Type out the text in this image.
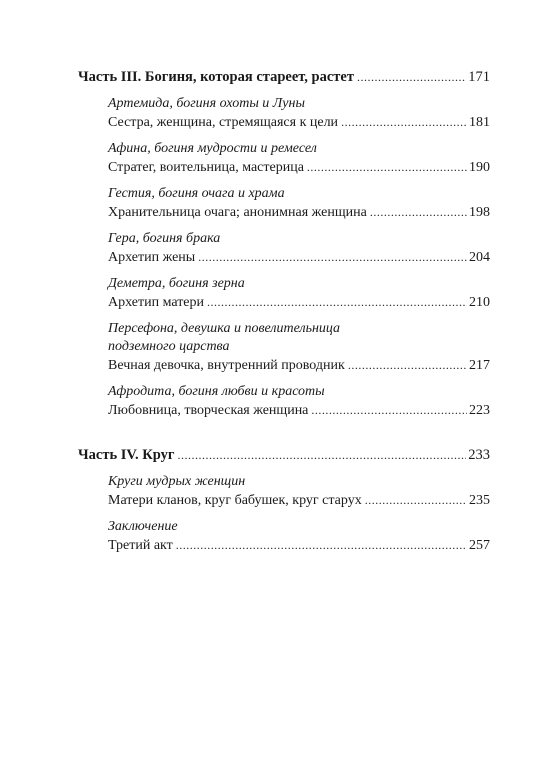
Часть III. Богиня, которая стареет, растет .....	171

Артемида, богиня охоты и Луны

Сестра, женщина, стремящаяся к цели .....	181

Афина, богиня мудрости и ремесел

Стратег, воительница, мастерица .....	190

Гестия, богиня очага и храма

Хранительница очага; анонимная женщина .....	198

Гера, богиня брака

Архетип жены .....	204

Деметра, богиня зерна

Архетип матери .....	210

Персефона, девушка и повелительница

подземного царства

Вечная девочка, внутренний проводник .....	217

Афродита, богиня любви и красоты

Любовница, творческая женщина .....	223
Часть IV. Круг .....	233

Круги мудрых женщин

Матери кланов, круг бабушек, круг старух .....	235

Заключение

Третий акт .....	257
